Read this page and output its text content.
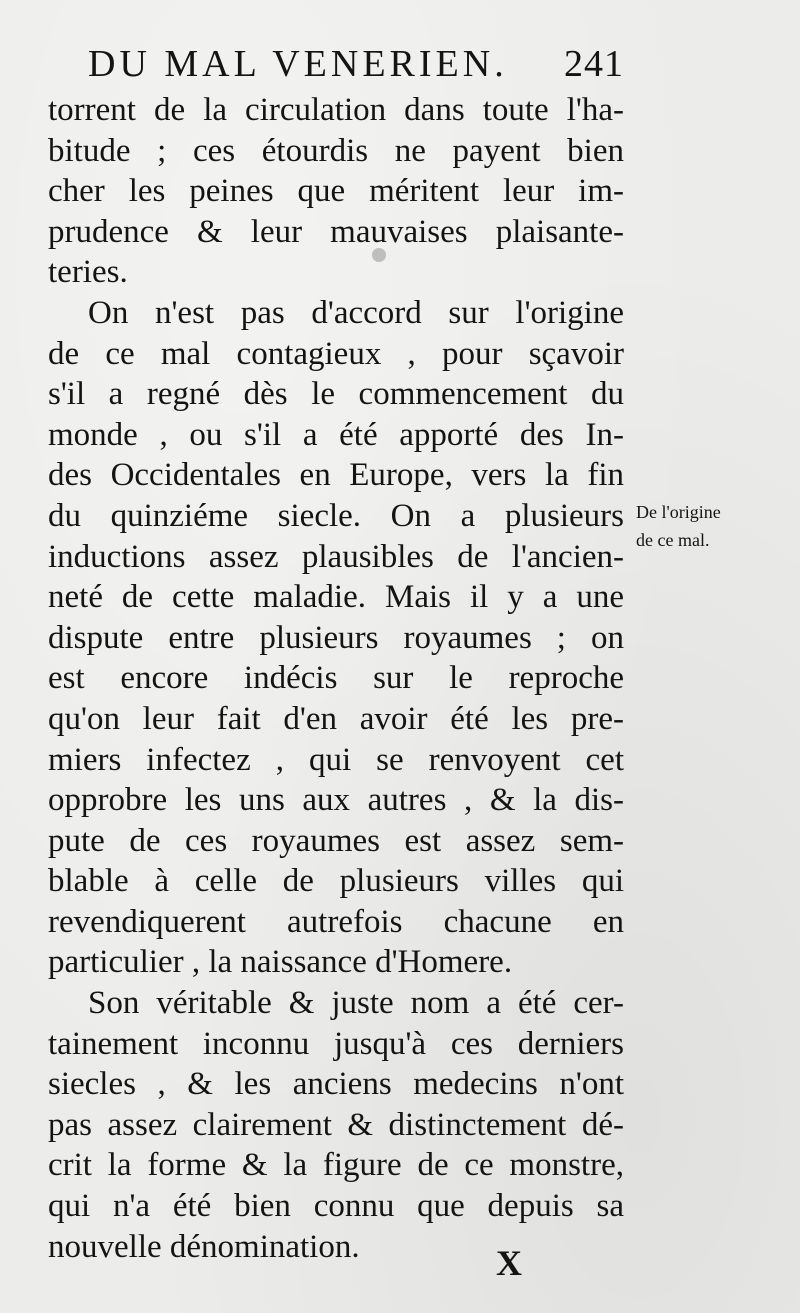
DU MAL VENERIEN. 241
torrent de la circulation dans toute l'ha-
bitude ; ces étourdis ne payent bien
cher les peines que méritent leur im-
prudence & leur mauvaises plaisante-
teries.
On n'est pas d'accord sur l'origine
de ce mal contagieux , pour sçavoir
s'il a regné dès le commencement du
monde , ou s'il a été apporté des In-
des Occidentales en Europe, vers la fin
du quinziéme siecle. On a plusieurs
inductions assez plausibles de l'ancien-
neté de cette maladie. Mais il y a une
dispute entre plusieurs royaumes ; on
est encore indécis sur le reproche
qu'on leur fait d'en avoir été les pre-
miers infectez , qui se renvoyent cet
opprobre les uns aux autres , & la dis-
pute de ces royaumes est assez sem-
blable à celle de plusieurs villes qui
revendiquerent autrefois chacune en
particulier , la naissance d'Homere.
Son véritable & juste nom a été cer-
tainement inconnu jusqu'à ces derniers
siecles , & les anciens medecins n'ont
pas assez clairement & distinctement dé-
crit la forme & la figure de ce monstre,
qui n'a été bien connu que depuis sa
nouvelle dénomination.
De l'origine
de ce mal.
X
